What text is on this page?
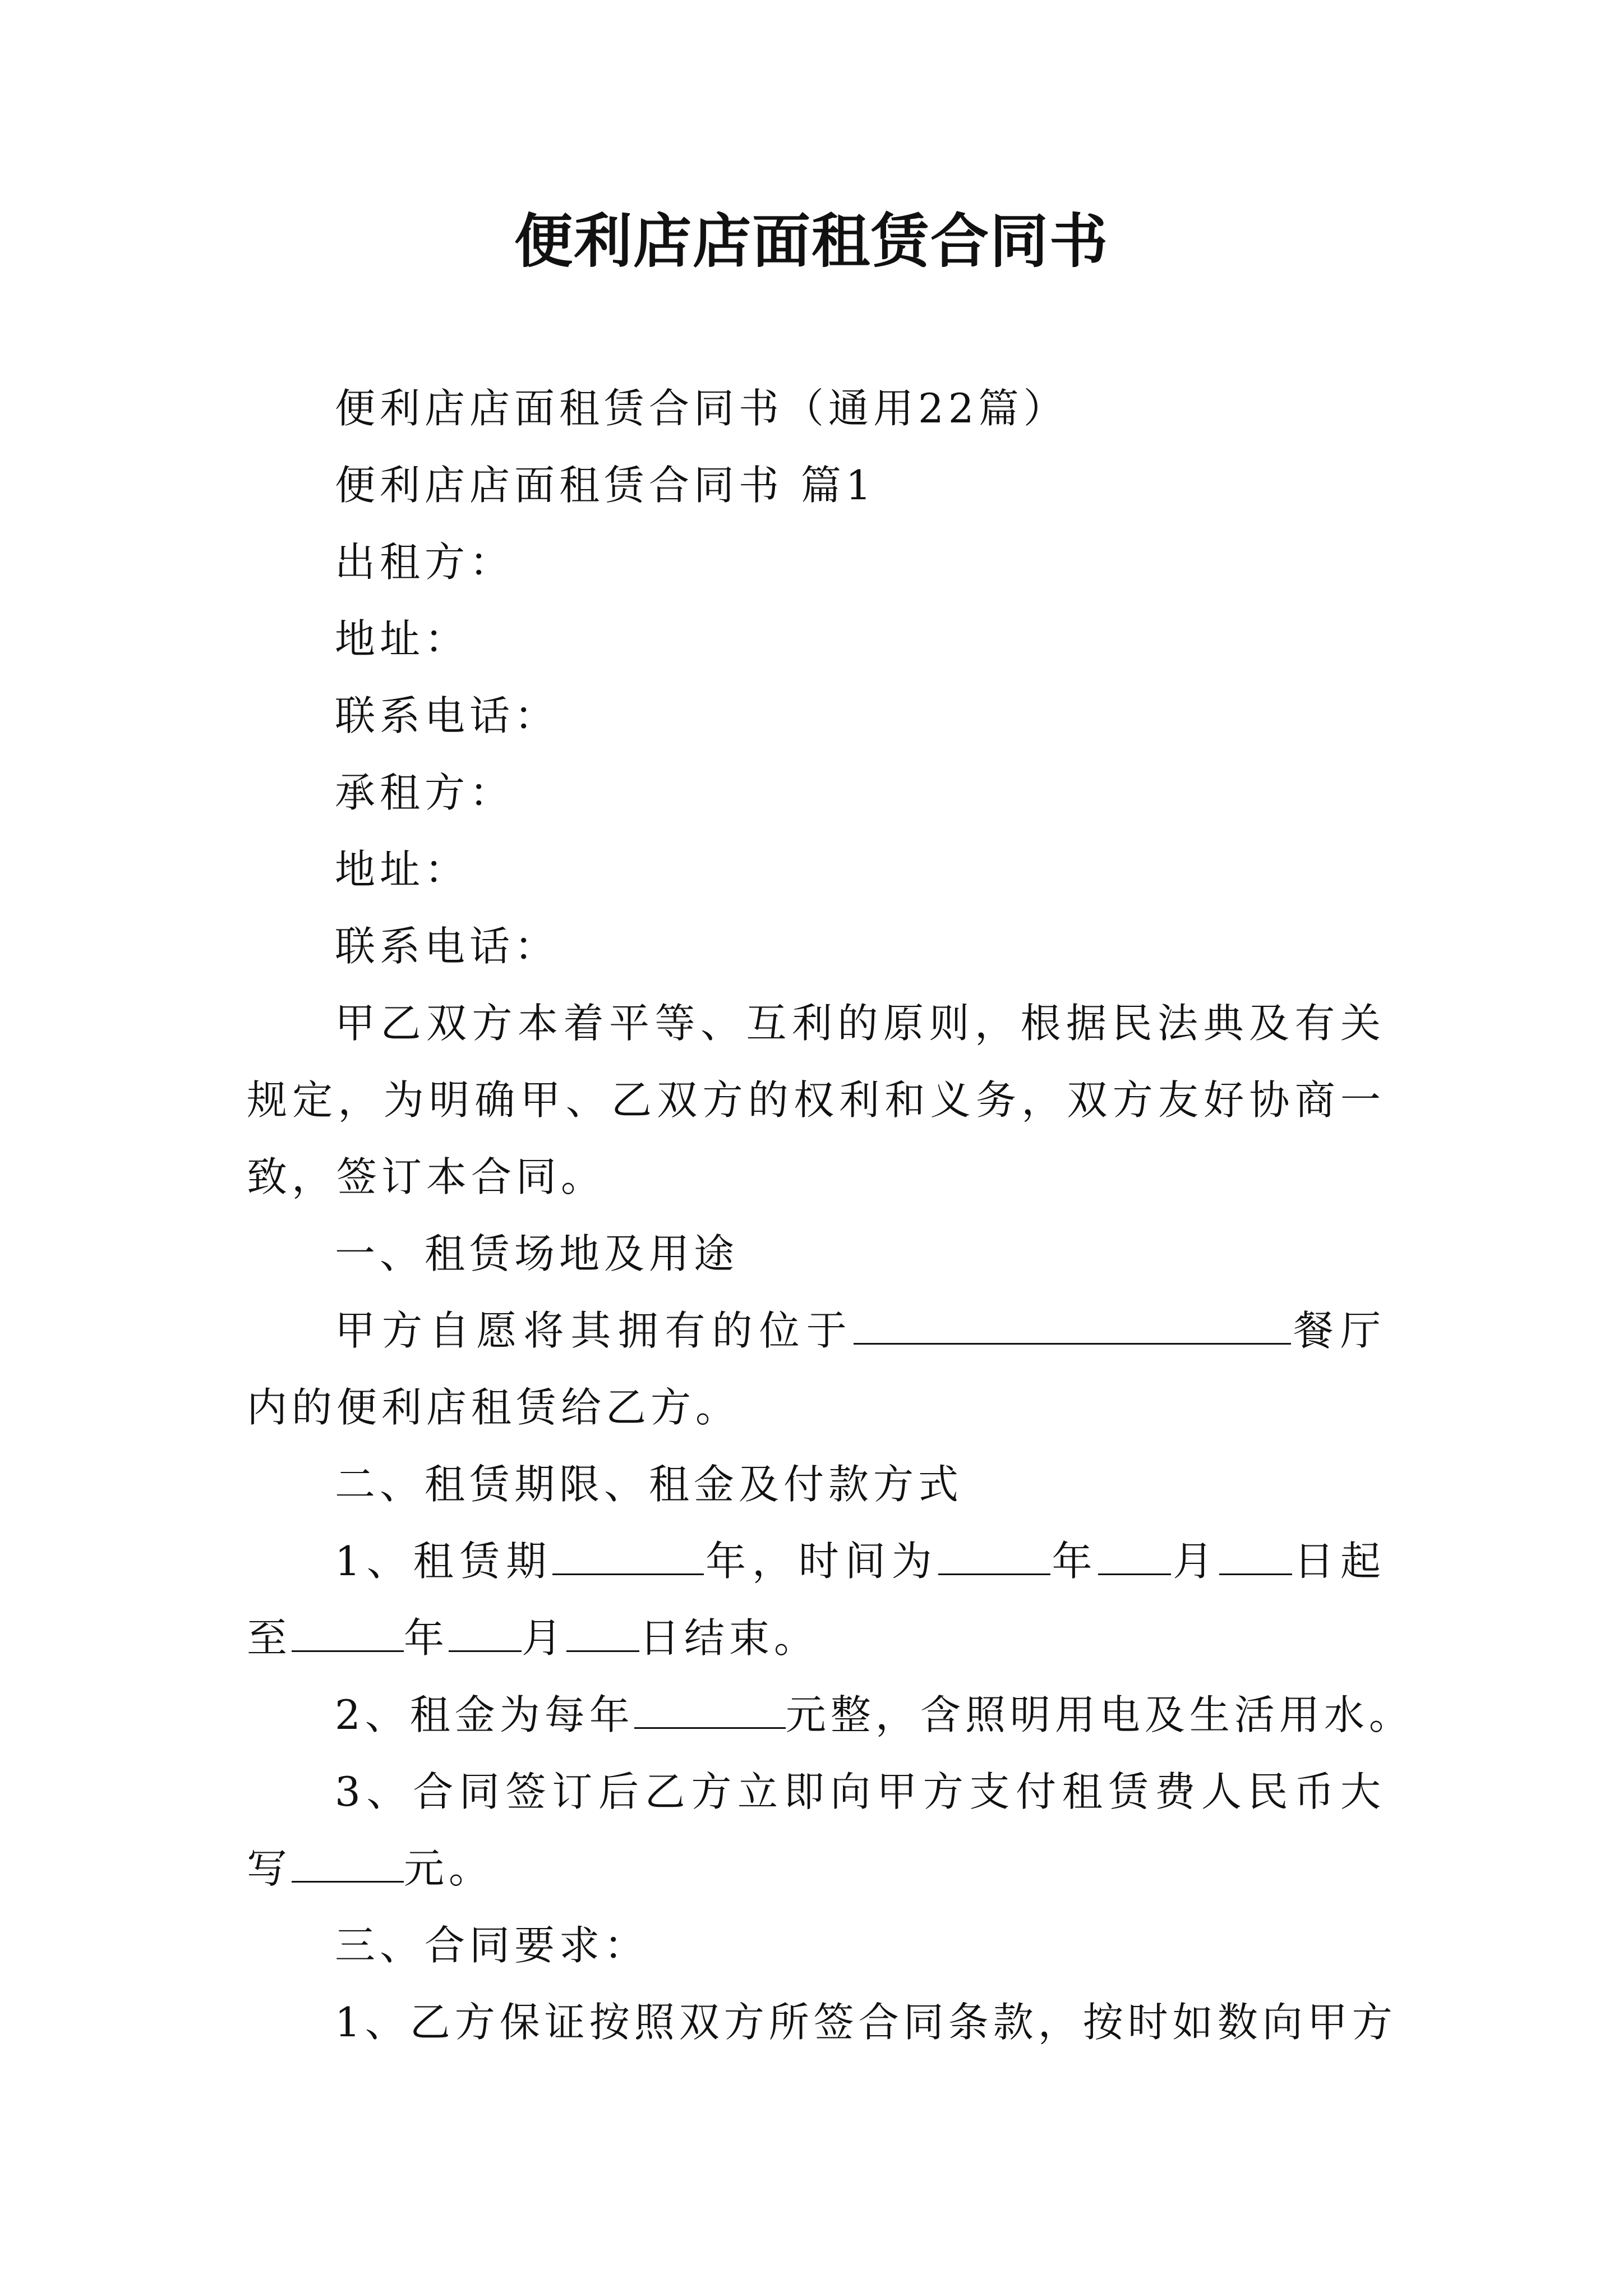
便利店店面租赁合同书

便利店店面租赁合同书（通用22篇）

便利店店面租赁合同书 篇1

出租方：

地址：

联系电话：

承租方：

地址：

联系电话：

甲乙双方本着平等、互利的原则，根据民法典及有关规定，为明确甲、乙双方的权利和义务，双方友好协商一致，签订本合同。

一、租赁场地及用途

甲方自愿将其拥有的位于	餐厅内的便利店租赁给乙方。

二、租赁期限、租金及付款方式

1、租赁期	年，时间为	年 月 日起至	年 月 日结束。

2、租金为每年	元整，含照明用电及生活用水。

3、合同签订后乙方立即向甲方支付租赁费人民币大写	元。

三、合同要求：

1、乙方保证按照双方所签合同条款，按时如数向甲方
